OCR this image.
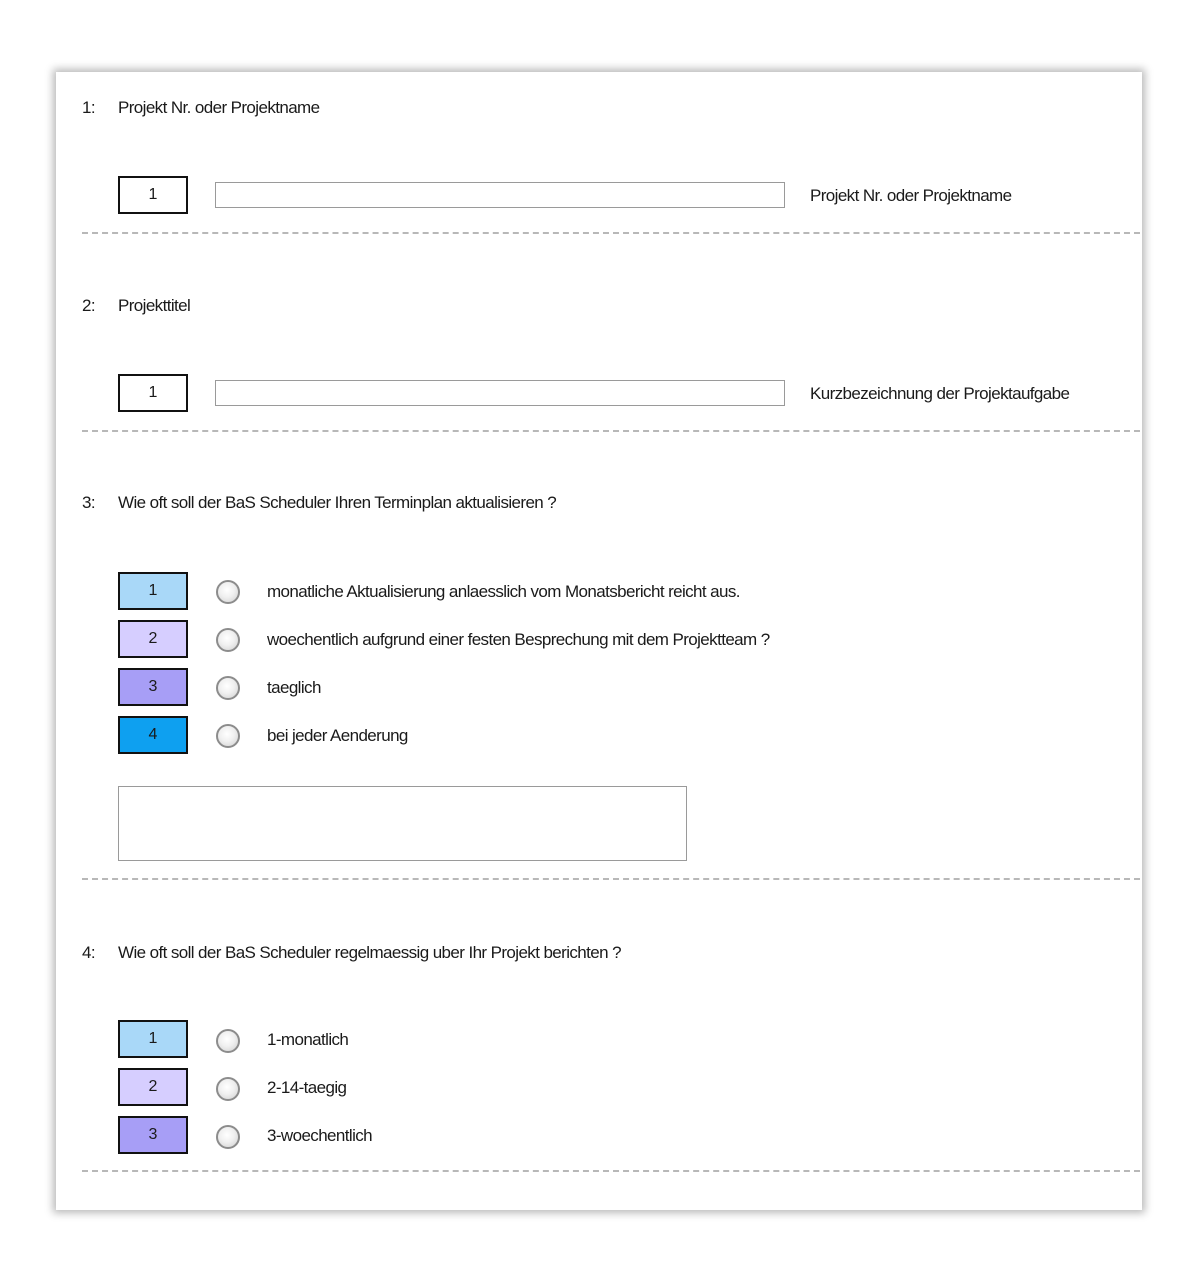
1: Projekt Nr. oder Projektname
1	Projekt Nr. oder Projektname
2: Projekttitel
1	Kurzbezeichnung der Projektaufgabe
3: Wie oft soll der BaS Scheduler Ihren Terminplan aktualisieren ?
1	monatliche Aktualisierung anlaesslich vom Monatsbericht reicht aus.
2	woechentlich aufgrund einer festen Besprechung mit dem Projektteam ?
3	taeglich
4	bei jeder Aenderung
4: Wie oft soll der BaS Scheduler regelmaessig uber Ihr Projekt berichten ?
1	1-monatlich
2	2-14-taegig
3	3-woechentlich
